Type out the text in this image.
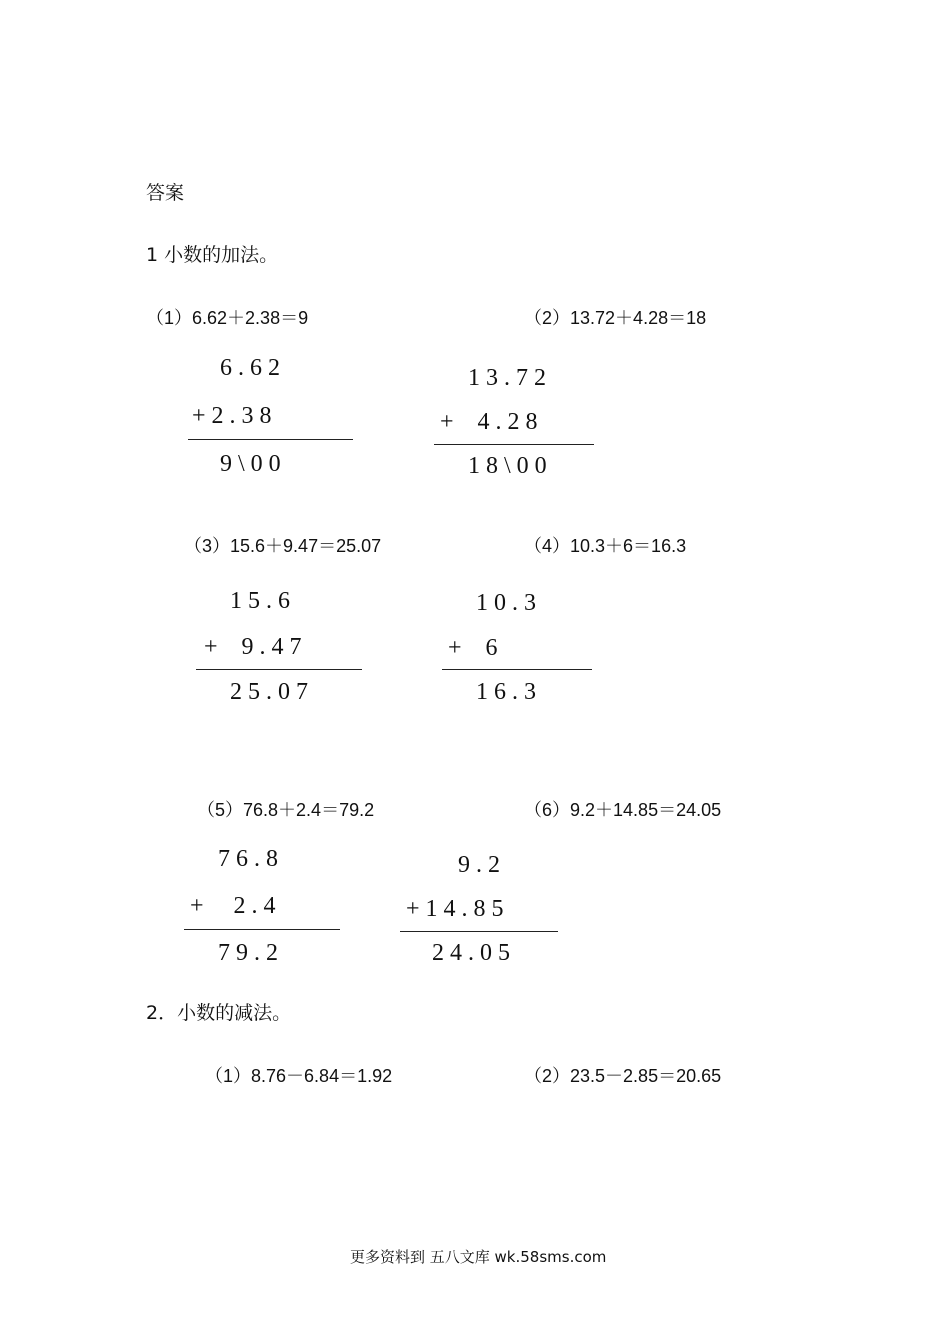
答案
1 小数的加法。
（1）6.62＋2.38＝9
6 . 6 2
+ 2 . 3 8
9 \ 0 0
（2）13.72＋4.28＝18
1 3 . 7 2
+    4 . 2 8
1 8 \ 0 0
（3）15.6＋9.47＝25.07
1 5 . 6
+    9 . 4 7
2 5 . 0 7
（4）10.3＋6＝16.3
1 0 . 3
+    6
1 6 . 3
（5）76.8＋2.4＝79.2
7 6 . 8
+     2 . 4
7 9 . 2
（6）9.2＋14.85＝24.05
9 . 2
+ 1 4 . 8 5
2 4 . 0 5
2．小数的减法。
（1）8.76－6.84＝1.92	（2）23.5－2.85＝20.65
更多资料到 五八文库 wk.58sms.com
